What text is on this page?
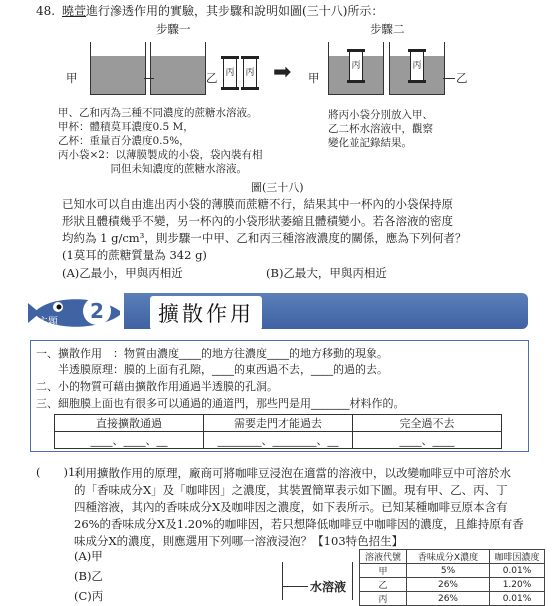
48. 曉萱進行滲透作用的實驗，其步驟和說明如圖(三十八)所示：
步驟一	步驟二
甲	乙 丙 丙 ➡ 甲
丙	丙
乙
甲、乙和丙為三種不同濃度的蔗糖水溶液。
甲杯：體積莫耳濃度0.5 M，
乙杯：重量百分濃度0.5%，
丙小袋×2：以薄膜製成的小袋，袋內裝有相
　　　　　同但未知濃度的蔗糖水溶液。
將丙小袋分別放入甲、
乙二杯水溶液中，觀察
變化並記錄結果。
圖(三十八)
已知水可以自由進出丙小袋的薄膜而蔗糖不行，結果其中一杯內的小袋保持原
形狀且體積幾乎不變，另一杯內的小袋形狀萎縮且體積變小。若各溶液的密度
均約為 1 g/cm³，則步驟一中甲、乙和丙三種溶液濃度的關係，應為下列何者？
(1莫耳的蔗糖質量為 342 g)
(A)乙最小，甲與丙相近	(B)乙最大，甲與丙相近
主題	2	擴散作用
一、擴散作用　：物質由濃度____的地方往濃度____的地方移動的現象。
　　半透膜原理：膜的上面有孔隙，____的東西過不去，____的過的去。
二、小的物質可藉由擴散作用通過半透膜的孔洞。
三、細胞膜上面也有很多可以通過的通道門，那些門是用_______材料作的。
直接擴散通過	需要走門才能過去	完全過不去
____、____、__	________、________、__	____、____
(　　)1.
利用擴散作用的原理，廠商可將咖啡豆浸泡在適當的溶液中，以改變咖啡豆中可溶於水
的「香味成分X」及「咖啡因」之濃度，其裝置簡單表示如下圖。現有甲、乙、丙、丁
四種溶液，其內的香味成分X及咖啡因之濃度，如下表所示。已知某種咖啡豆原本含有
26%的香味成分X及1.20%的咖啡因，若只想降低咖啡豆中咖啡因的濃度，且維持原有香
味成分X的濃度，則應選用下列哪一溶液浸泡？【103特色招生】
(A)甲
(B)乙
(C)丙
水溶液
溶液代號	香味成分X濃度	咖啡因濃度
甲	5%	0.01%
乙	26%	1.20%
丙	26%	0.01%
